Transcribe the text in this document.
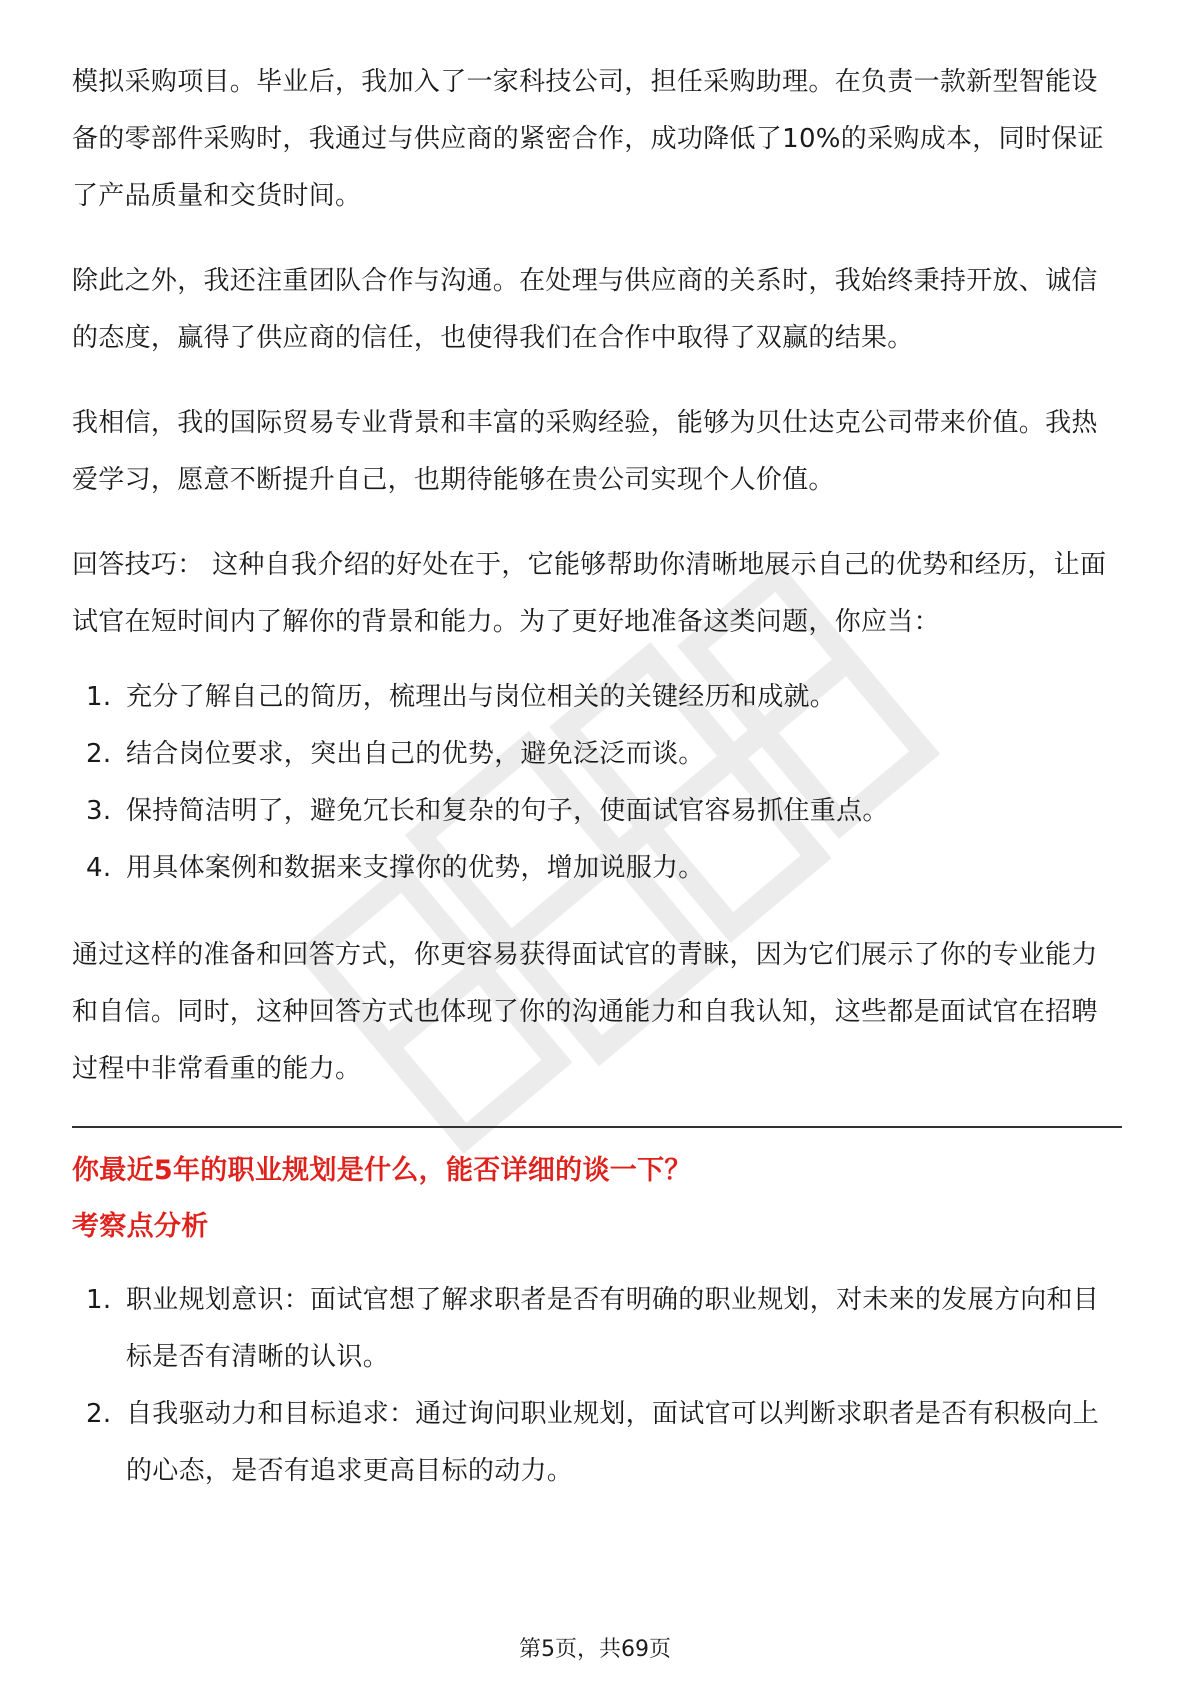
模拟采购项目。毕业后，我加入了一家科技公司，担任采购助理。在负责一款新型智能设备的零部件采购时，我通过与供应商的紧密合作，成功降低了10%的采购成本，同时保证了产品质量和交货时间。

除此之外，我还注重团队合作与沟通。在处理与供应商的关系时，我始终秉持开放、诚信的态度，赢得了供应商的信任，也使得我们在合作中取得了双赢的结果。

我相信，我的国际贸易专业背景和丰富的采购经验，能够为贝仕达克公司带来价值。我热爱学习，愿意不断提升自己，也期待能够在贵公司实现个人价值。

回答技巧： 这种自我介绍的好处在于，它能够帮助你清晰地展示自己的优势和经历，让面试官在短时间内了解你的背景和能力。为了更好地准备这类问题，你应当：

1. 充分了解自己的简历，梳理出与岗位相关的关键经历和成就。
2. 结合岗位要求，突出自己的优势，避免泛泛而谈。
3. 保持简洁明了，避免冗长和复杂的句子，使面试官容易抓住重点。
4. 用具体案例和数据来支撑你的优势，增加说服力。

通过这样的准备和回答方式，你更容易获得面试官的青睐，因为它们展示了你的专业能力和自信。同时，这种回答方式也体现了你的沟通能力和自我认知，这些都是面试官在招聘过程中非常看重的能力。

你最近5年的职业规划是什么，能否详细的谈一下？
考察点分析
1. 职业规划意识：面试官想了解求职者是否有明确的职业规划，对未来的发展方向和目标是否有清晰的认识。
2. 自我驱动力和目标追求：通过询问职业规划，面试官可以判断求职者是否有积极向上的心态，是否有追求更高目标的动力。
第5页，共69页
